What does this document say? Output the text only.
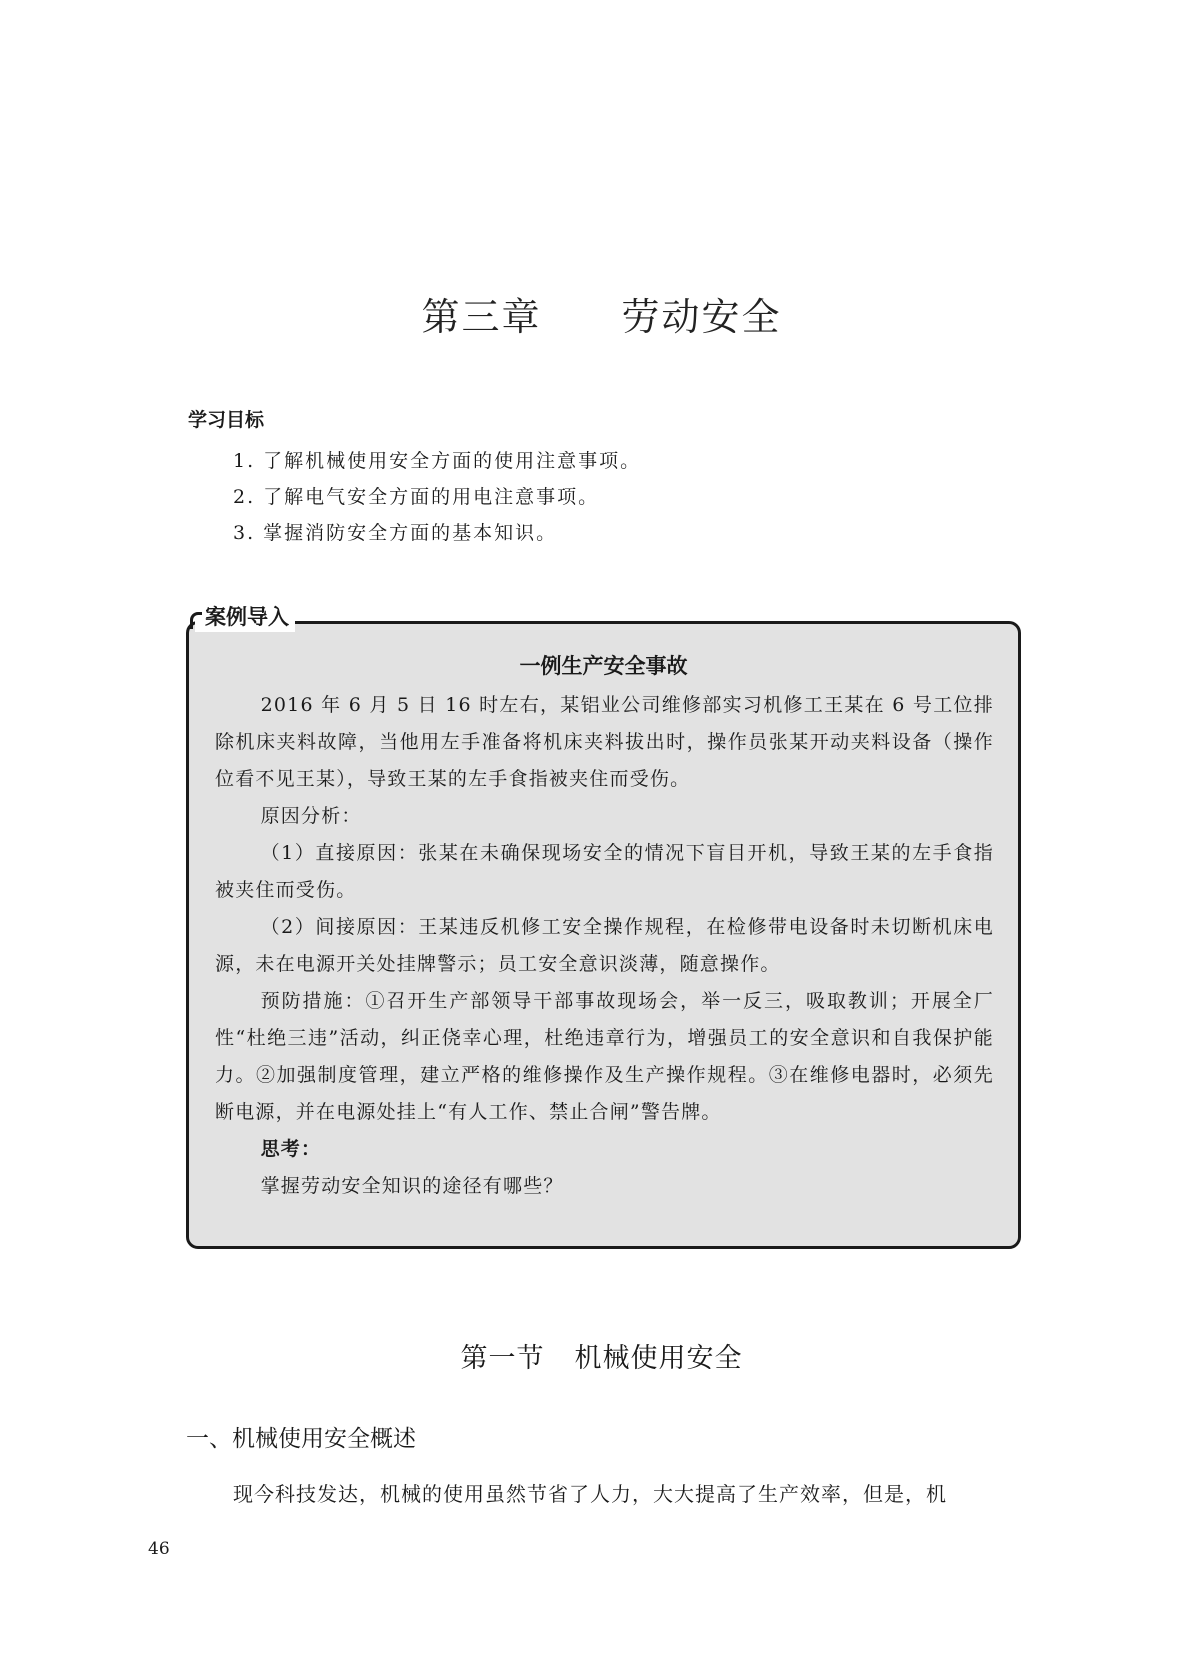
第三章 劳动安全
学习目标
1. 了解机械使用安全方面的使用注意事项。
2. 了解电气安全方面的用电注意事项。
3. 掌握消防安全方面的基本知识。
案例导入
一例生产安全事故

2016 年 6 月 5 日 16 时左右，某铝业公司维修部实习机修工王某在 6 号工位排除机床夹料故障，当他用左手准备将机床夹料拔出时，操作员张某开动夹料设备（操作位看不见王某），导致王某的左手食指被夹住而受伤。

原因分析：

（1）直接原因：张某在未确保现场安全的情况下盲目开机，导致王某的左手食指被夹住而受伤。

（2）间接原因：王某违反机修工安全操作规程，在检修带电设备时未切断机床电源，未在电源开关处挂牌警示；员工安全意识淡薄，随意操作。

预防措施：①召开生产部领导干部事故现场会，举一反三，吸取教训；开展全厂性“杜绝三违”活动，纠正侥幸心理，杜绝违章行为，增强员工的安全意识和自我保护能力。②加强制度管理，建立严格的维修操作及生产操作规程。③在维修电器时，必须先断电源，并在电源处挂上“有人工作、禁止合闸”警告牌。

思考：

掌握劳动安全知识的途径有哪些？

第一节 机械使用安全
一、机械使用安全概述

现今科技发达，机械的使用虽然节省了人力，大大提高了生产效率，但是，机

46
